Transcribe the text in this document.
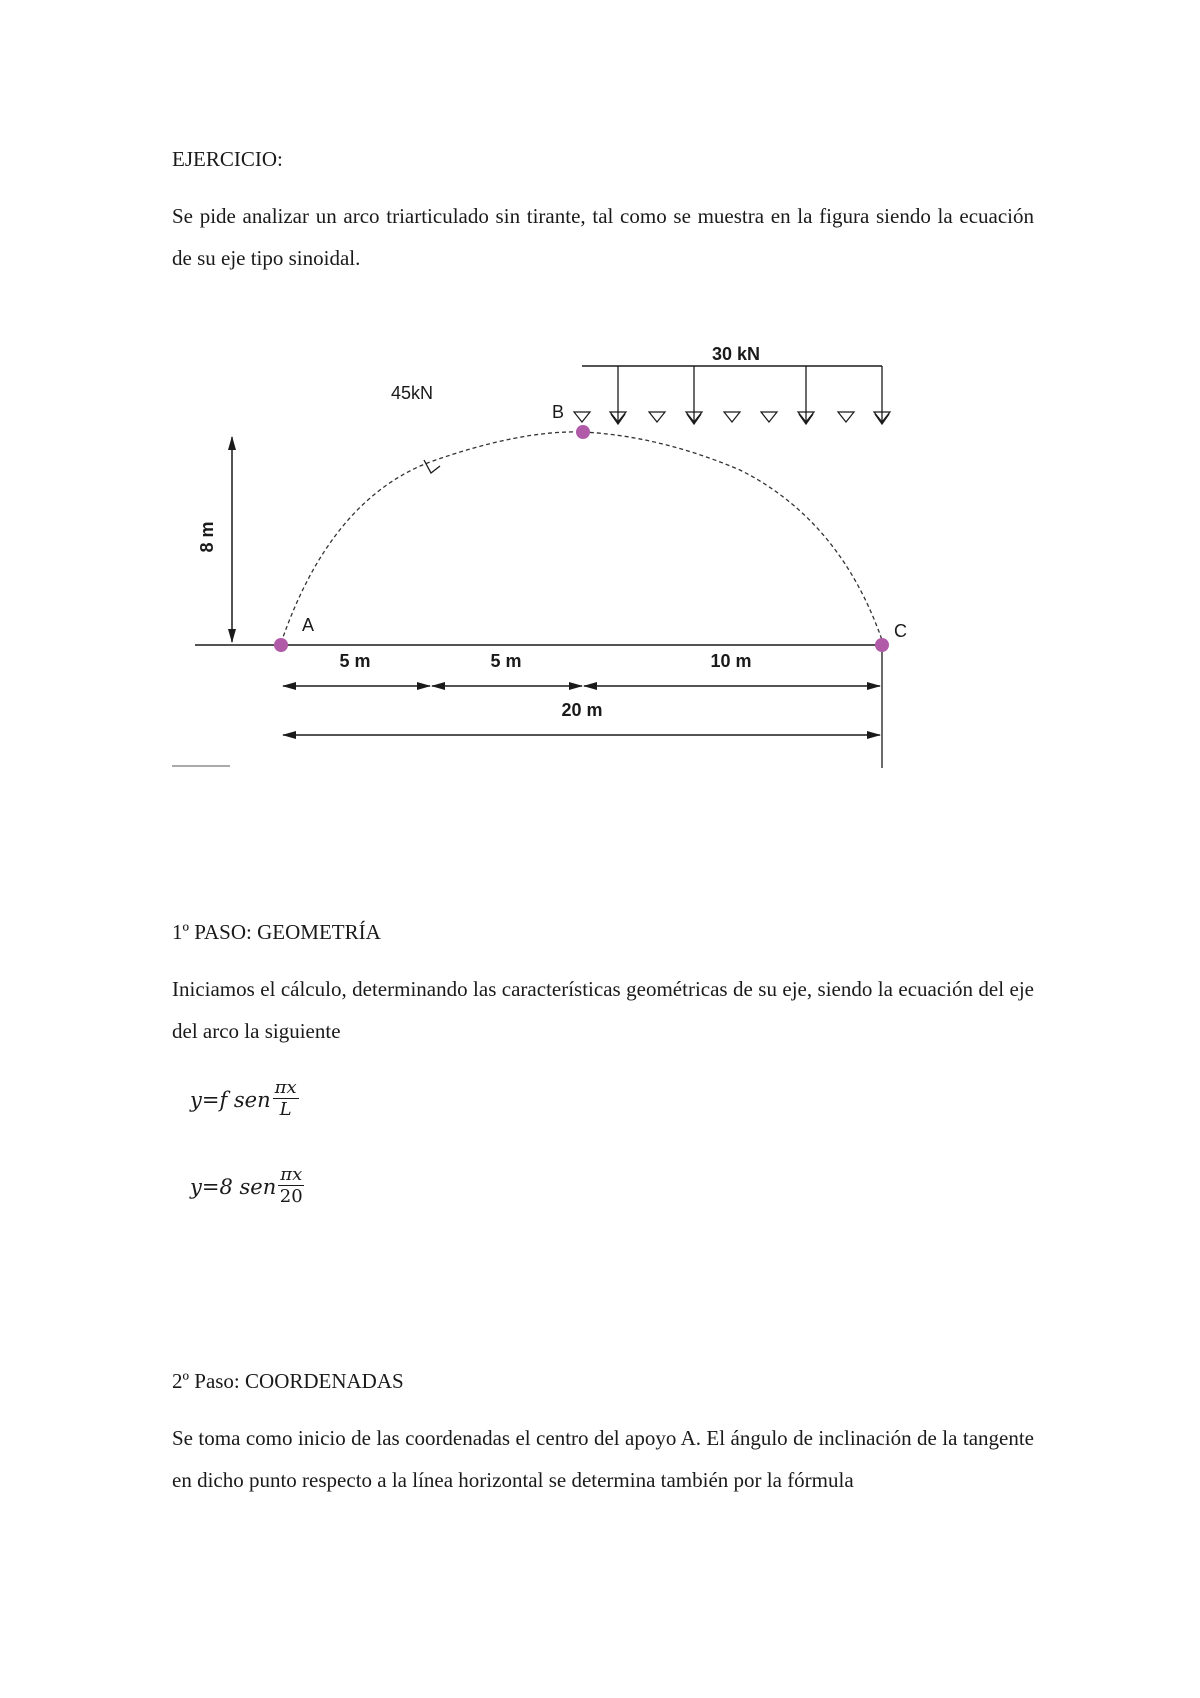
EJERCICIO:
Se pide analizar un arco triarticulado sin tirante, tal como se muestra en la figura siendo la ecuación de su eje tipo sinoidal.
8 m
30 kN
45kN
B
A	C
5 m	5 m	10 m
20 m
1º PASO: GEOMETRÍA
Iniciamos el cálculo, determinando las características geométricas de su eje, siendo la ecuación del eje del arco la siguiente
y=f sen $\frac{\pi x}{L}$
y=8 sen $\frac{\pi x}{20}$
2º Paso: COORDENADAS
Se toma como inicio de las coordenadas el centro del apoyo A. El ángulo de inclinación de la tangente en dicho punto respecto a la línea horizontal se determina también por la fórmula
